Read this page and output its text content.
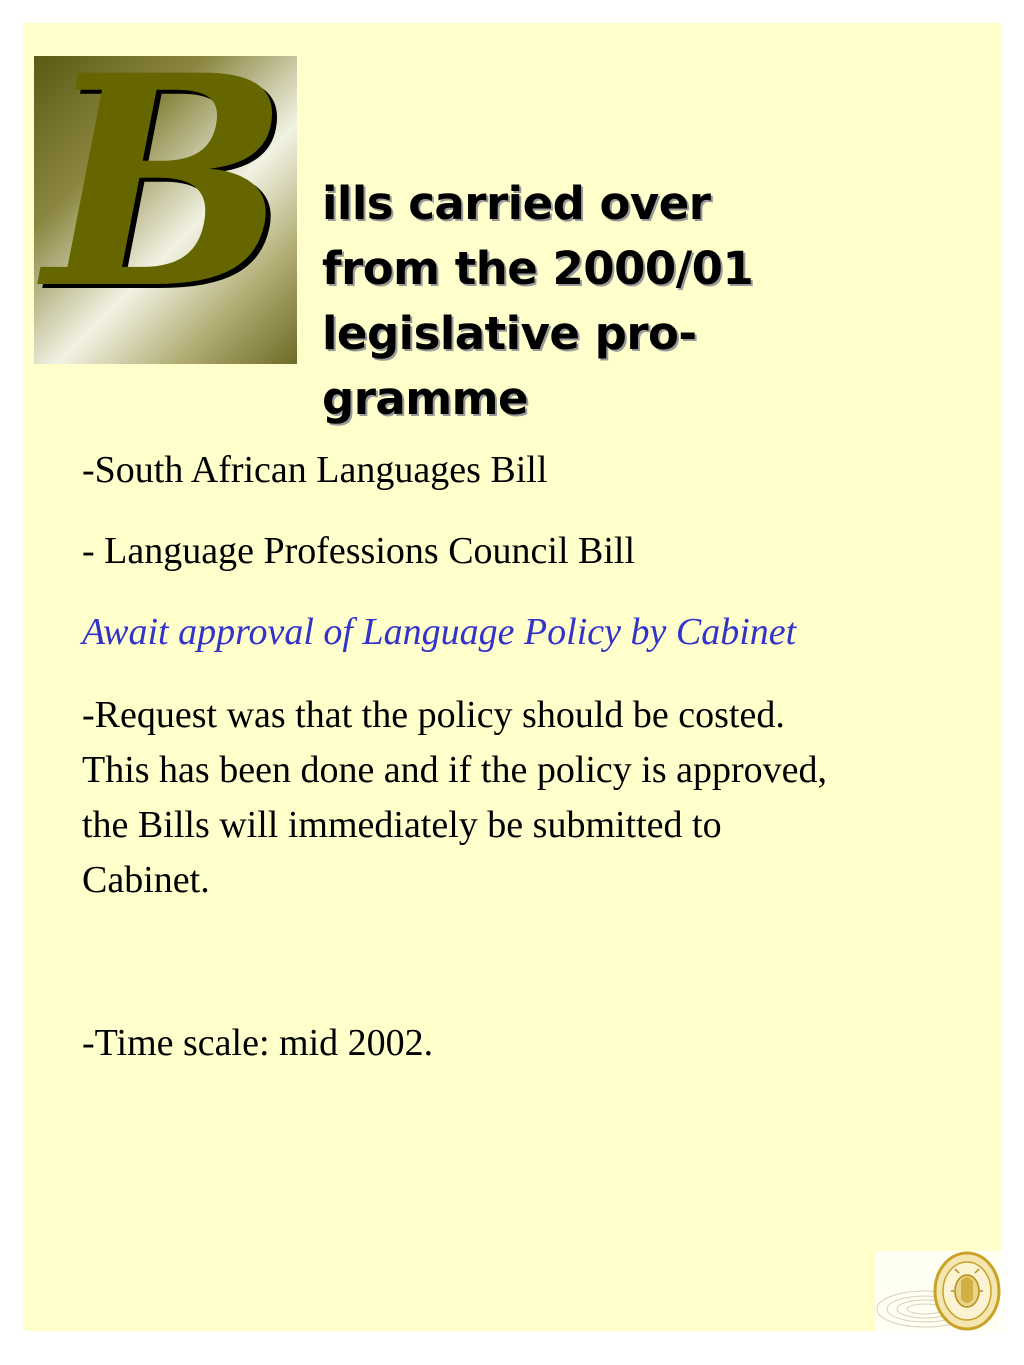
B ills carried over
from the 2000/01
legislative pro-
gramme
-South African Languages Bill
- Language Professions Council Bill
Await approval of Language Policy by Cabinet
-Request was that the policy should be costed.
This has been done and if the policy is approved,
the Bills will immediately be submitted to
Cabinet.
-Time scale: mid 2002.
